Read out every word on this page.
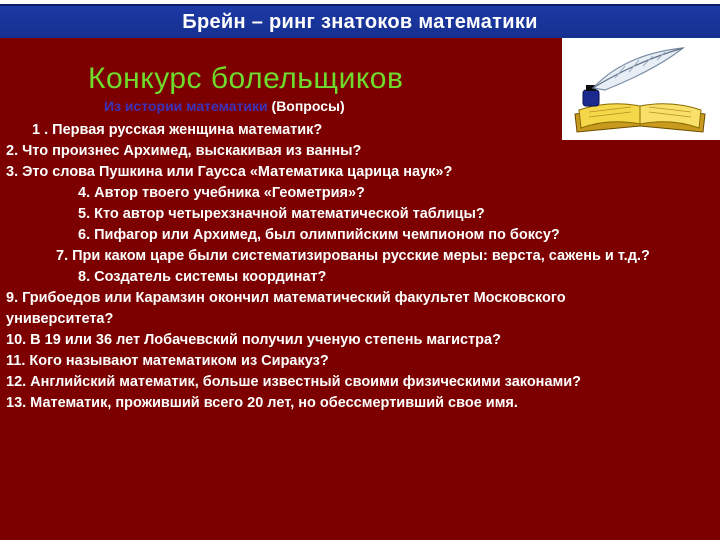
Брейн – ринг знатоков математики
Конкурс болельщиков
Из истории математики (Вопросы)
1 . Первая русская женщина математик?
2. Что произнес Архимед, выскакивая из ванны?
3. Это слова Пушкина или Гаусса «Математика царица наук»?
4. Автор твоего учебника «Геометрия»?
5. Кто автор четырехзначной математической таблицы?
6. Пифагор или Архимед, был олимпийским чемпионом по боксу?
7. При каком царе были систематизированы русские меры: верста, сажень и т.д.?
8. Создатель системы координат?
9. Грибоедов или Карамзин окончил математический факультет Московского университета?
10. В 19 или 36 лет Лобачевский получил ученую степень магистра?
11. Кого называют математиком из Сиракуз?
12. Английский математик, больше известный своими физическими законами?
13. Математик, проживший всего 20 лет, но обессмертивший свое имя.
